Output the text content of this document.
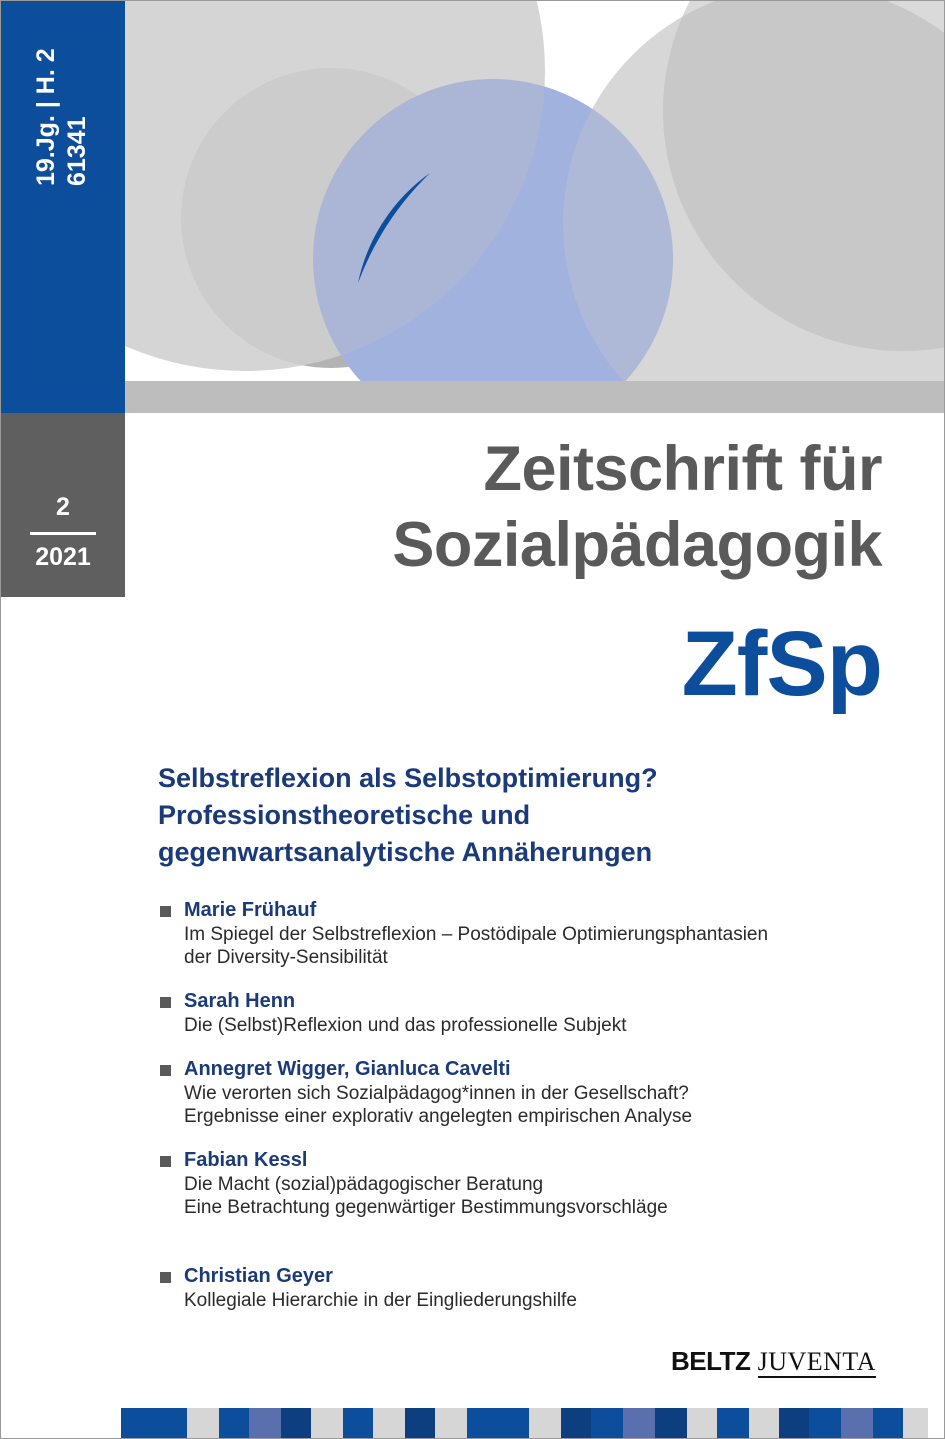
19.Jg. | H. 2 61341
2
2021
Zeitschrift für
Sozialpädagogik
ZfSp
Selbstreflexion als Selbstoptimierung?
Professionstheoretische und
gegenwartsanalytische Annäherungen
Marie Frühauf
Im Spiegel der Selbstreflexion – Postödipale Optimierungsphantasien
der Diversity-Sensibilität
Sarah Henn
Die (Selbst)Reflexion und das professionelle Subjekt
Annegret Wigger, Gianluca Cavelti
Wie verorten sich Sozialpädagog*innen in der Gesellschaft?
Ergebnisse einer explorativ angelegten empirischen Analyse
Fabian Kessl
Die Macht (sozial)pädagogischer Beratung
Eine Betrachtung gegenwärtiger Bestimmungsvorschläge
Christian Geyer
Kollegiale Hierarchie in der Eingliederungshilfe
BELTZ JUVENTA
